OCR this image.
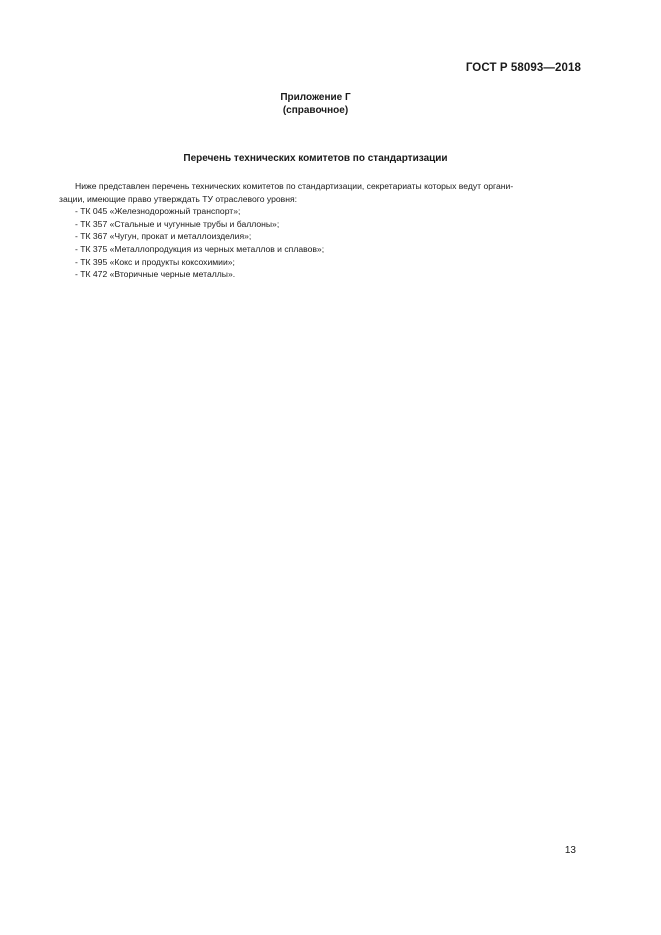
ГОСТ Р 58093—2018
Приложение Г
(справочное)
Перечень технических комитетов по стандартизации
Ниже представлен перечень технических комитетов по стандартизации, секретариаты которых ведут органи-
зации, имеющие право утверждать ТУ отраслевого уровня:
- ТК 045 «Железнодорожный транспорт»;
- ТК 357 «Стальные и чугунные трубы и баллоны»;
- ТК 367 «Чугун, прокат и металлоизделия»;
- ТК 375 «Металлопродукция из черных металлов и сплавов»;
- ТК 395 «Кокс и продукты коксохимии»;
- ТК 472 «Вторичные черные металлы».
13
